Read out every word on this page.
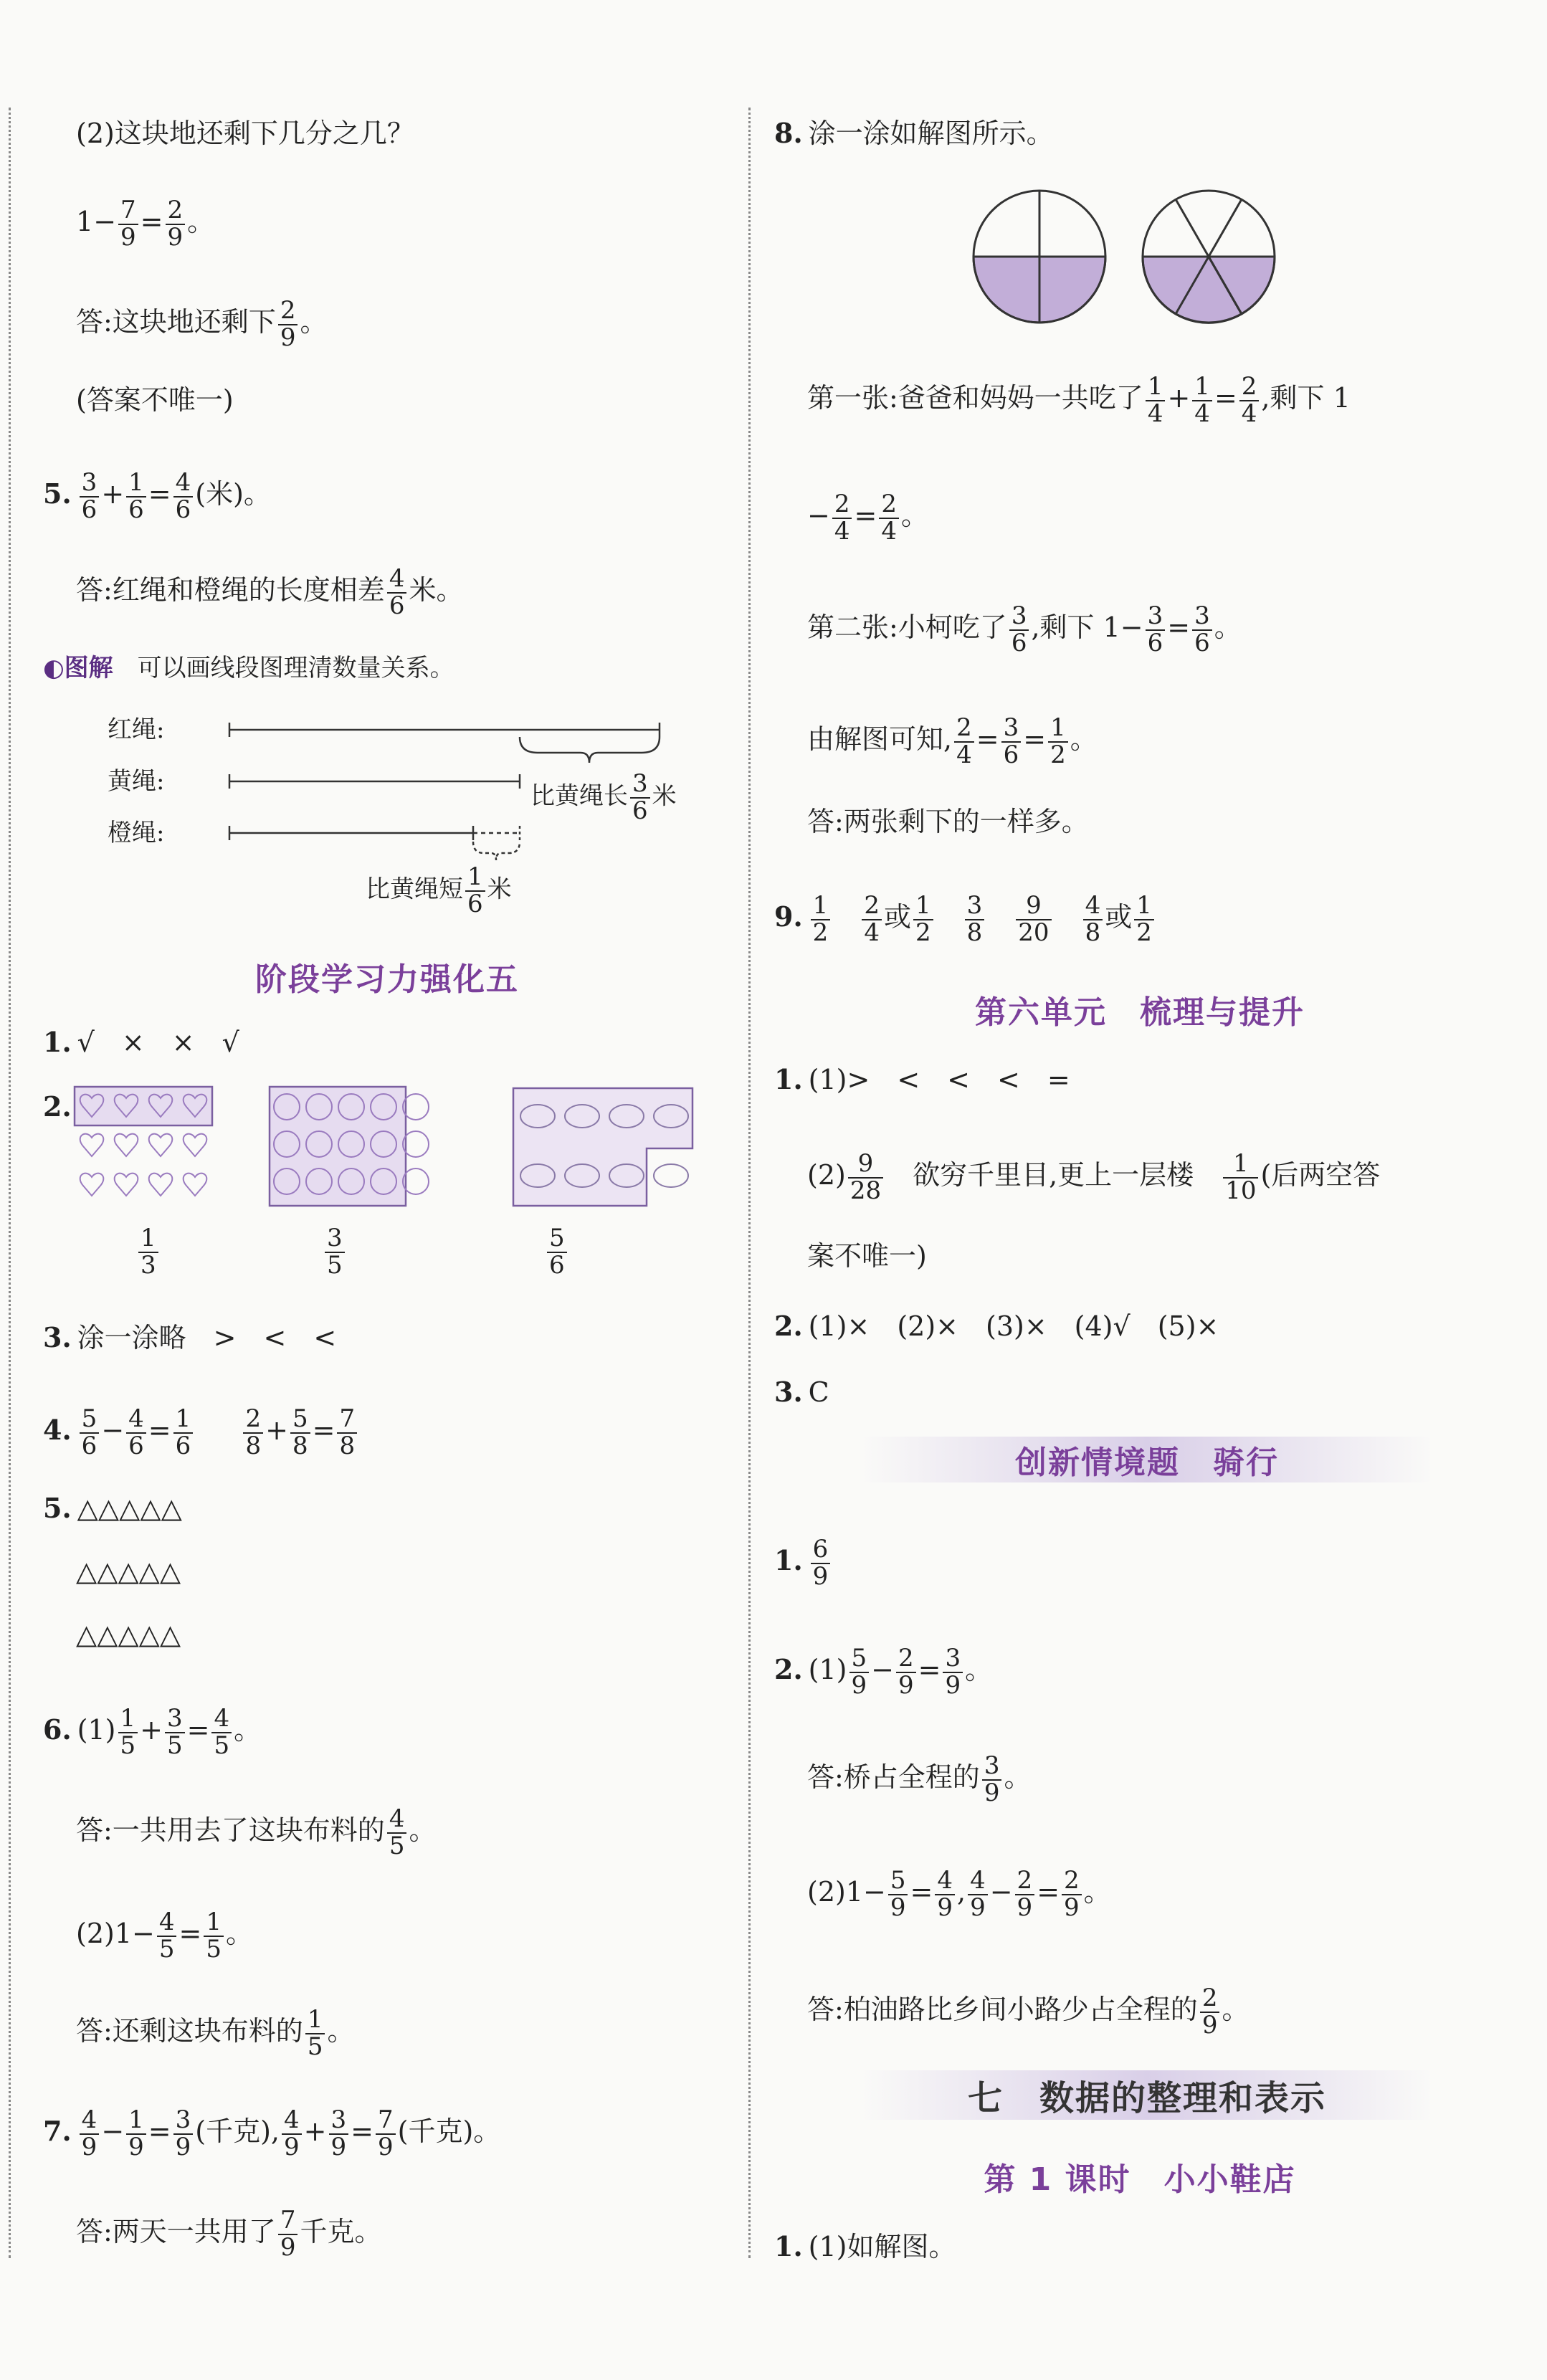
(2)这块地还剩下几分之几？
$1- \frac{7}{9} = \frac{2}{9}$ 。
答:这块地还剩下 $\frac{2}{9}$ 。
(答案不唯一)
5. $\frac{3}{6} + \frac{1}{6} = \frac{4}{6}$ (米)。
答:红绳和橙绳的长度相差 $\frac{4}{6}$ 米。
◐图解　 可以画线段图理清数量关系。
红绳:
黄绳:
橙绳:
比黄绳长 $\frac{3}{6}$ 米
比黄绳短 $\frac{1}{6}$ 米
阶段学习力强化五
1. √　×　×　√
2.
$\frac{1}{3}$	$\frac{3}{5}$	$\frac{5}{6}$
3. 涂一涂略　>　<　<
4. $\frac{5}{6} - \frac{4}{6} = \frac{1}{6}$
$\frac{2}{8} + \frac{5}{8} = \frac{7}{8}$
5. △△△△△
△△△△△
△△△△△
6. $(1) \frac{1}{5} + \frac{3}{5} = \frac{4}{5}$ 。
答:一共用去了这块布料的 $\frac{4}{5}$ 。
$(2)1- \frac{4}{5} = \frac{1}{5}$ 。
答:还剩这块布料的 $\frac{1}{5}$ 。
7. $\frac{4}{9} - \frac{1}{9} = \frac{3}{9}$ (千克), $\frac{4}{9} + \frac{3}{9} = \frac{7}{9}$ (千克)。
答:两天一共用了 $\frac{7}{9}$ 千克。
8. 涂一涂如解图所示。
第一张:爸爸和妈妈一共吃了 $\frac{1}{4} + \frac{1}{4} = \frac{2}{4}$ ,剩下 1
− $\frac{2}{4} = \frac{2}{4}$ 。
第二张:小柯吃了 $\frac{3}{6}$ ,剩下 $1- \frac{3}{6} = \frac{3}{6}$ 。
由解图可知, $\frac{2}{4} = \frac{3}{6} = \frac{1}{2}$ 。
答:两张剩下的一样多。
9. $\frac{1}{2}$
　 $\frac{2}{4}$ 或 $\frac{1}{2}$
　 $\frac{3}{8}$
　 $\frac{9}{20}$
　 $\frac{4}{8}$ 或 $\frac{1}{2}$
第六单元　梳理与提升
1. (1)>　<　<　<　=
$(2) \frac{9}{28}$ 　欲穷千里目,更上一层楼　 $\frac{1}{10}$ (后两空答
案不唯一)
2. (1)×　(2)×　(3)×　(4)√　(5)×
3. C
创新情境题　骑行
1. $\frac{6}{9}$
2. $(1) \frac{5}{9} - \frac{2}{9} = \frac{3}{9}$ 。
答:桥占全程的 $\frac{3}{9}$ 。
$(2)1- \frac{5}{9} = \frac{4}{9}$ , $\frac{4}{9} - \frac{2}{9} = \frac{2}{9}$ 。
答:柏油路比乡间小路少占全程的 $\frac{2}{9}$ 。
七　数据的整理和表示
第 1 课时　小小鞋店
1. (1)如解图。
